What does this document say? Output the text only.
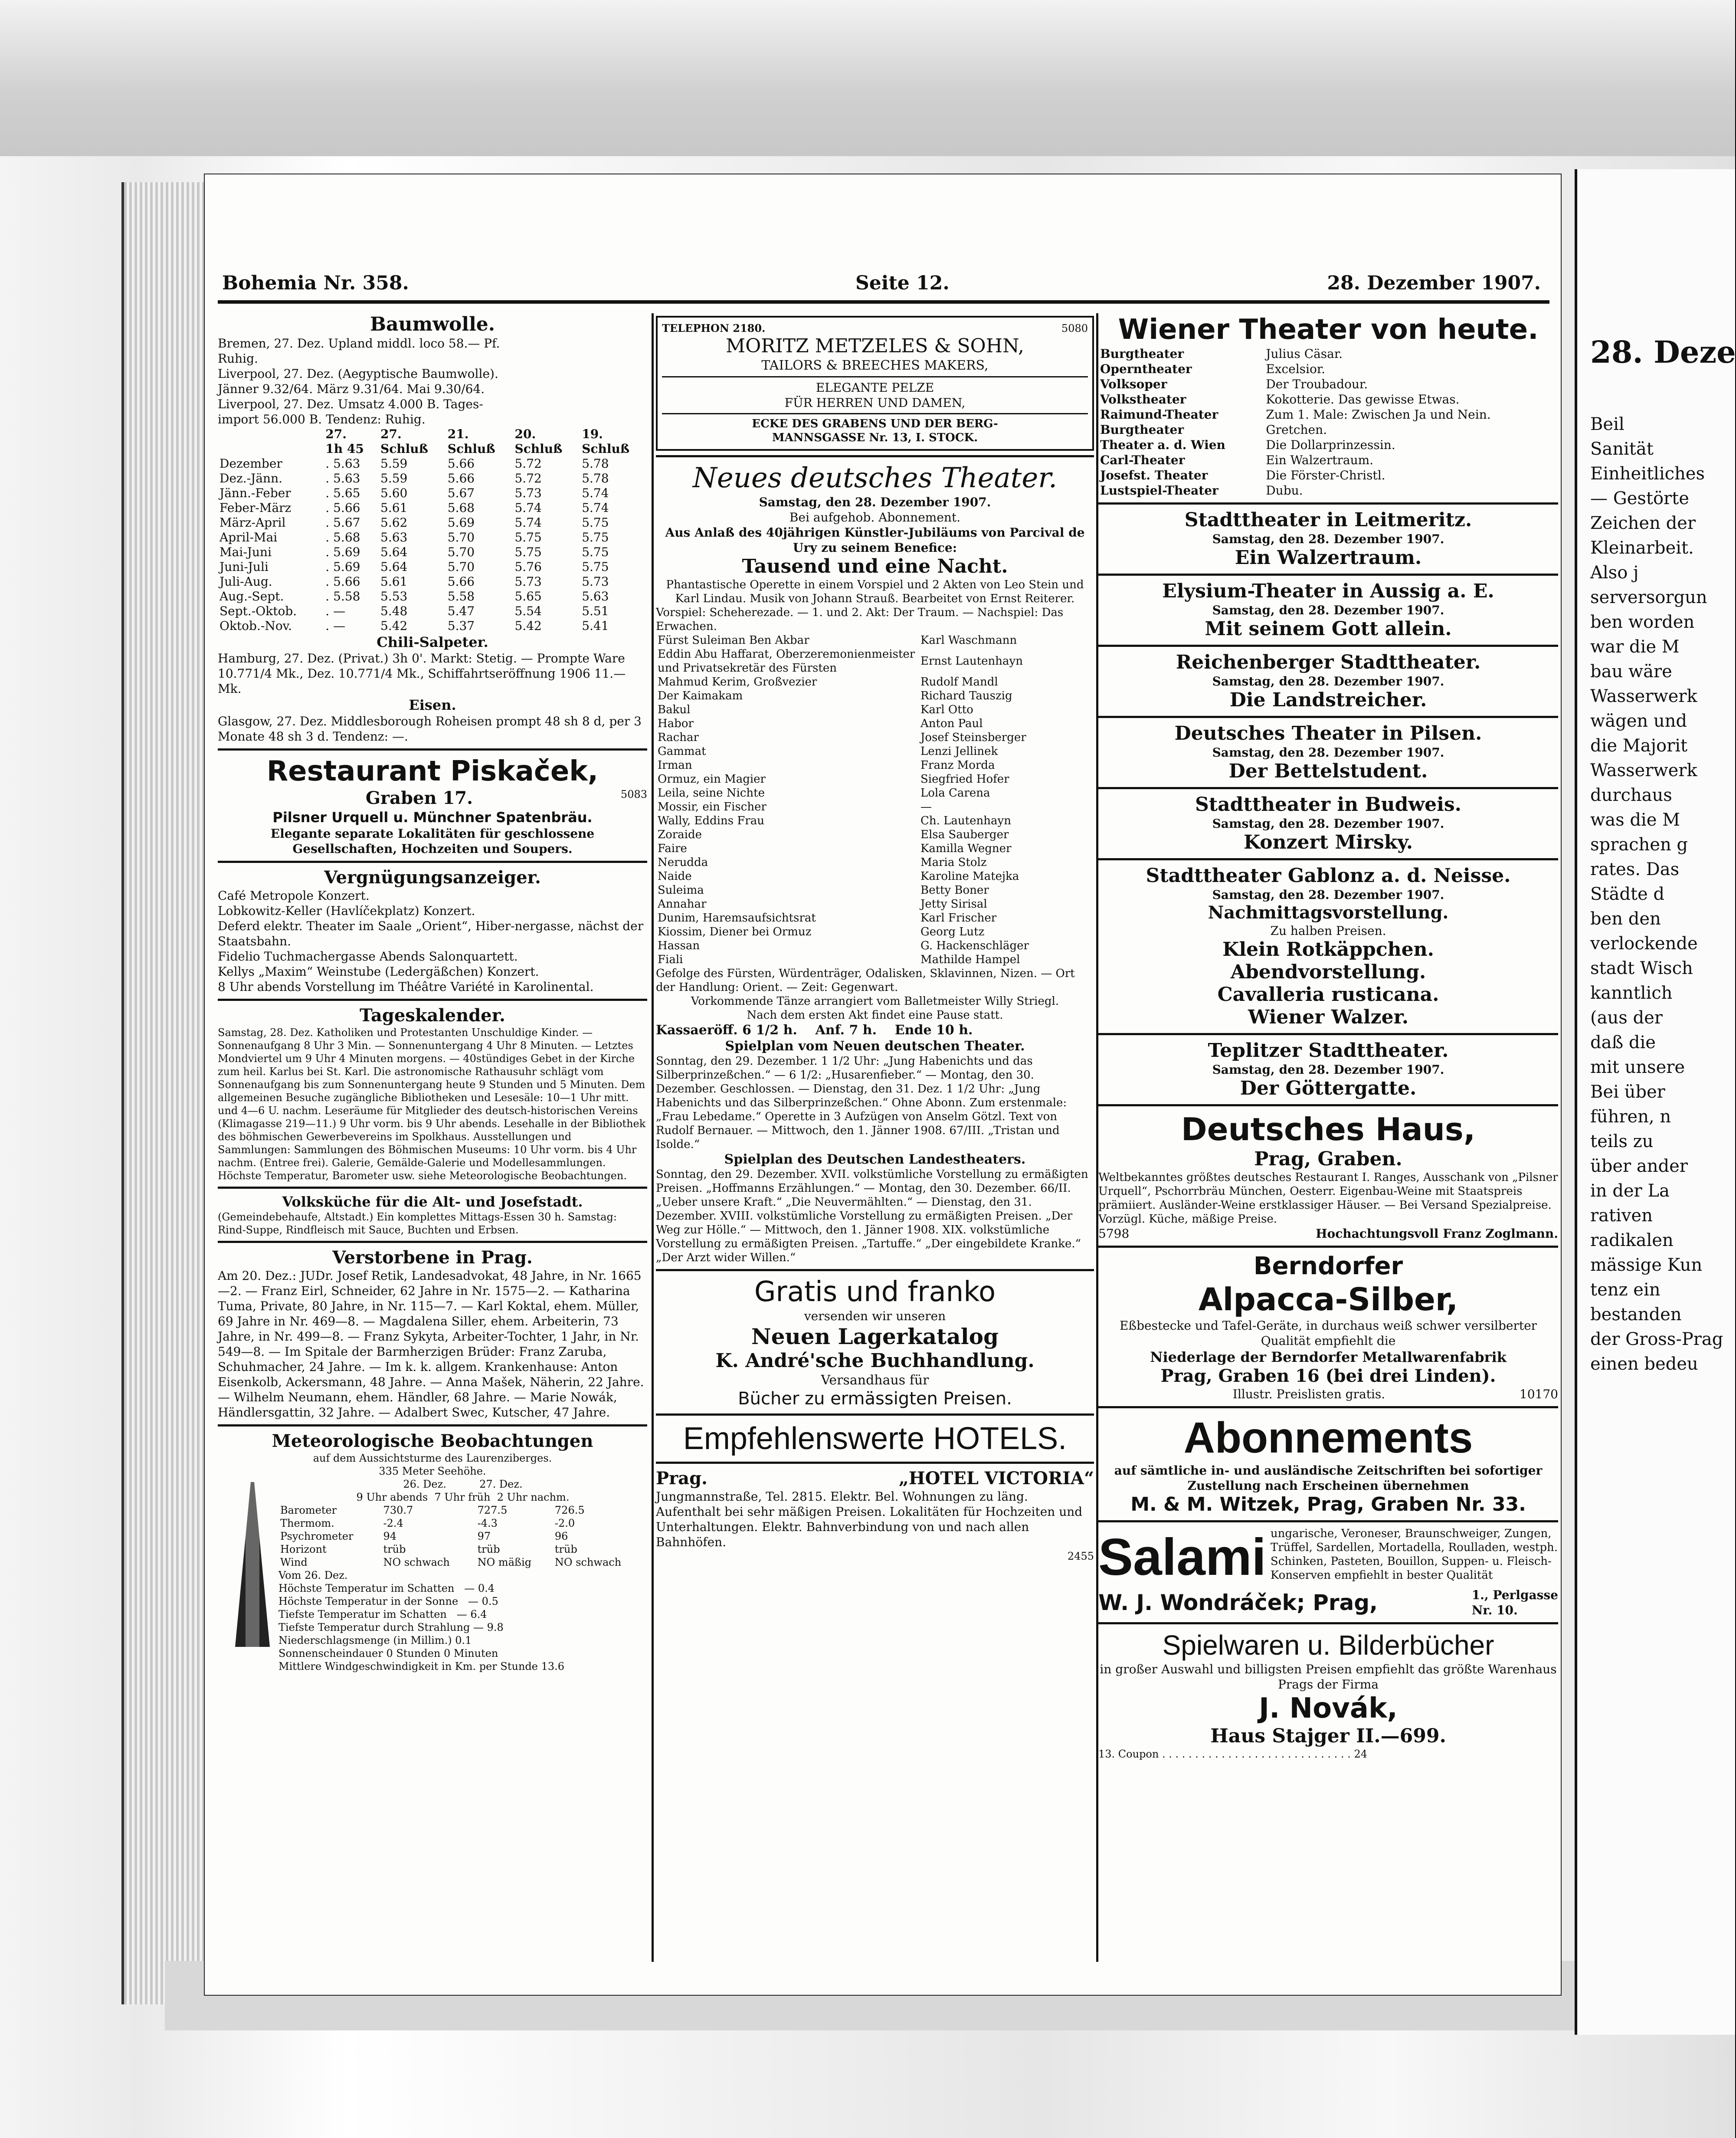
28. Deze
Beil
Sanität
Einheitliches
— Gestörte
Zeichen der
Kleinarbeit.
Also j
serversorgun
ben worden
war die M
bau wäre
Wasserwerk
wägen und
die Majorit
Wasserwerk
durchaus
was die M
sprachen g
rates. Das
Städte d
ben den
verlockende
stadt Wisch
kanntlich
(aus der
daß die
mit unsere
Bei über
führen, n
teils zu
über ander
in der La
rativen
radikalen
mässige Kun
tenz ein
bestanden
der Gross-Prag
einen bedeu
Bohemia Nr. 358.	Seite 12.	28. Dezember 1907.

Baumwolle.

Bremen, 27. Dez. Upland middl. loco 58.— Pf.

Ruhig.

Liverpool, 27. Dez. (Aegyptische Baumwolle).

Jänner 9.32/64. März 9.31/64. Mai 9.30/64.

Liverpool, 27. Dez. Umsatz 4.000 B. Tages-

import 56.000 B. Tendenz: Ruhig.

	27.	27.	21.	20.	19.
	1h 45	Schluß	Schluß	Schluß	Schluß
Dezember	. 5.63	5.59	5.66	5.72	5.78
Dez.-Jänn.	. 5.63	5.59	5.66	5.72	5.78
Jänn.-Feber	. 5.65	5.60	5.67	5.73	5.74
Feber-März	. 5.66	5.61	5.68	5.74	5.74
März-April	. 5.67	5.62	5.69	5.74	5.75
April-Mai	. 5.68	5.63	5.70	5.75	5.75
Mai-Juni	. 5.69	5.64	5.70	5.75	5.75
Juni-Juli	. 5.69	5.64	5.70	5.76	5.75
Juli-Aug.	. 5.66	5.61	5.66	5.73	5.73
Aug.-Sept.	. 5.58	5.53	5.58	5.65	5.63
Sept.-Oktob.	. —	5.48	5.47	5.54	5.51
Oktob.-Nov.	. —	5.42	5.37	5.42	5.41

Chili-Salpeter.

Hamburg, 27. Dez. (Privat.) 3h 0'. Markt: Stetig. — Prompte Ware 10.771/4 Mk., Dez. 10.771/4 Mk., Schiffahrtseröffnung 1906 11.— Mk.

Eisen.

Glasgow, 27. Dez. Middlesborough Roheisen prompt 48 sh 8 d, per 3 Monate 48 sh 3 d. Tendenz: —.

Restaurant Piskaček,

Graben 17.	5083

Pilsner Urquell u. Münchner Spatenbräu.

Elegante separate Lokalitäten für geschlossene Gesellschaften, Hochzeiten und Soupers.

Vergnügungsanzeiger.

Café Metropole Konzert.

Lobkowitz-Keller (Havlíčekplatz) Konzert.

Deferd elektr. Theater im Saale „Orient“, Hiber-nergasse, nächst der Staatsbahn.

Fidelio Tuchmachergasse Abends Salonquartett.

Kellys „Maxim“ Weinstube (Ledergäßchen) Konzert.

8 Uhr abends Vorstellung im Théâtre Variété in Karolinental.

Tageskalender.

Samstag, 28. Dez. Katholiken und Protestanten Unschuldige Kinder. — Sonnenaufgang 8 Uhr 3 Min. — Sonnenuntergang 4 Uhr 8 Minuten. — Letztes Mondviertel um 9 Uhr 4 Minuten morgens. — 40stündiges Gebet in der Kirche zum heil. Karlus bei St. Karl. Die astronomische Rathausuhr schlägt vom Sonnenaufgang bis zum Sonnenuntergang heute 9 Stunden und 5 Minuten. Dem allgemeinen Besuche zugängliche Bibliotheken und Lesesäle: 10—1 Uhr mitt. und 4—6 U. nachm. Leseräume für Mitglieder des deutsch-historischen Vereins (Klimagasse 219—11.) 9 Uhr vorm. bis 9 Uhr abends. Lesehalle in der Bibliothek des böhmischen Gewerbevereins im Spolkhaus. Ausstellungen und Sammlungen: Sammlungen des Böhmischen Museums: 10 Uhr vorm. bis 4 Uhr nachm. (Entree frei). Galerie, Gemälde-Galerie und Modellesammlungen. Höchste Temperatur, Barometer usw. siehe Meteorologische Beobachtungen.

Volksküche für die Alt- und Josefstadt.

(Gemeindebehaufe, Altstadt.) Ein komplettes Mittags-Essen 30 h. Samstag: Rind-Suppe, Rindfleisch mit Sauce, Buchten und Erbsen.

Verstorbene in Prag.

Am 20. Dez.: JUDr. Josef Retik, Landesadvokat, 48 Jahre, in Nr. 1665—2. — Franz Eirl, Schneider, 62 Jahre in Nr. 1575—2. — Katharina Tuma, Private, 80 Jahre, in Nr. 115—7. — Karl Koktal, ehem. Müller, 69 Jahre in Nr. 469—8. — Magdalena Siller, ehem. Arbeiterin, 73 Jahre, in Nr. 499—8. — Franz Sykyta, Arbeiter-Tochter, 1 Jahr, in Nr. 549—8. — Im Spitale der Barmherzigen Brüder: Franz Zaruba, Schuhmacher, 24 Jahre. — Im k. k. allgem. Krankenhause: Anton Eisenkolb, Ackersmann, 48 Jahre. — Anna Mašek, Näherin, 22 Jahre. — Wilhelm Neumann, ehem. Händler, 68 Jahre. — Marie Nowák, Händlersgattin, 32 Jahre. — Adalbert Swec, Kutscher, 47 Jahre.

Meteorologische Beobachtungen

auf dem Aussichtsturme des Laurenziberges.

335 Meter Seehöhe.

26. Dez.          27. Dez.

9 Uhr abends  7 Uhr früh  2 Uhr nachm.

Barometer	730.7	727.5	726.5
Thermom.	-2.4	-4.3	-2.0
Psychrometer	94	97	96
Horizont	trüb	trüb	trüb
Wind	NO schwach	NO mäßig	NO schwach

Vom 26. Dez.

Höchste Temperatur im Schatten   — 0.4

Höchste Temperatur in der Sonne   — 0.5

Tiefste Temperatur im Schatten   — 6.4

Tiefste Temperatur durch Strahlung — 9.8

Niederschlagsmenge (in Millim.) 0.1

Sonnenscheindauer 0 Stunden 0 Minuten

Mittlere Windgeschwindigkeit in Km. per Stunde 13.6

TELEPHON 2180.	5080

MORITZ METZELES & SOHN,

TAILORS & BREECHES MAKERS,

ELEGANTE PELZE

FÜR HERREN UND DAMEN,

ECKE DES GRABENS UND DER BERG-

MANNSGASSE Nr. 13, I. STOCK.

Neues deutsches Theater.

Samstag, den 28. Dezember 1907.

Bei aufgehob. Abonnement.

Aus Anlaß des 40jährigen Künstler-Jubiläums von Parcival de Ury zu seinem Benefice:

Tausend und eine Nacht.

Phantastische Operette in einem Vorspiel und 2 Akten von Leo Stein und Karl Lindau. Musik von Johann Strauß. Bearbeitet von Ernst Reiterer.

Vorspiel: Scheherezade. — 1. und 2. Akt: Der Traum. — Nachspiel: Das Erwachen.

Fürst Suleiman Ben Akbar	Karl Waschmann
Eddin Abu Haffarat, Oberzeremonienmeister und Privatsekretär des Fürsten	Ernst Lautenhayn
Mahmud Kerim, Großvezier	Rudolf Mandl
Der Kaimakam	Richard Tauszig
Bakul	Karl Otto
Habor	Anton Paul
Rachar	Josef Steinsberger
Gammat	Lenzi Jellinek
Irman	Franz Morda
Ormuz, ein Magier	Siegfried Hofer
Leila, seine Nichte	Lola Carena
Mossir, ein Fischer	—
Wally, Eddins Frau	Ch. Lautenhayn
Zoraide	Elsa Sauberger
Faire	Kamilla Wegner
Nerudda	Maria Stolz
Naide	Karoline Matejka
Suleima	Betty Boner
Annahar	Jetty Sirisal
Dunim, Haremsaufsichtsrat	Karl Frischer
Kiossim, Diener bei Ormuz	Georg Lutz
Hassan	G. Hackenschläger
Fiali	Mathilde Hampel

Gefolge des Fürsten, Würdenträger, Odalisken, Sklavinnen, Nizen. — Ort der Handlung: Orient. — Zeit: Gegenwart.

Vorkommende Tänze arrangiert vom Balletmeister Willy Striegl.

Nach dem ersten Akt findet eine Pause statt.

Kassaeröff. 6 1/2 h.    Anf. 7 h.    Ende 10 h.

Spielplan vom Neuen deutschen Theater.

Sonntag, den 29. Dezember. 1 1/2 Uhr: „Jung Habenichts und das Silberprinzeßchen.“ — 6 1/2: „Husarenfieber.“ — Montag, den 30. Dezember. Geschlossen. — Dienstag, den 31. Dez. 1 1/2 Uhr: „Jung Habenichts und das Silberprinzeßchen.“ Ohne Abonn. Zum erstenmale: „Frau Lebedame.“ Operette in 3 Aufzügen von Anselm Götzl. Text von Rudolf Bernauer. — Mittwoch, den 1. Jänner 1908. 67/III. „Tristan und Isolde.“

Spielplan des Deutschen Landestheaters.

Sonntag, den 29. Dezember. XVII. volkstümliche Vorstellung zu ermäßigten Preisen. „Hoffmanns Erzählungen.“ — Montag, den 30. Dezember. 66/II. „Ueber unsere Kraft.“ „Die Neuvermählten.“ — Dienstag, den 31. Dezember. XVIII. volkstümliche Vorstellung zu ermäßigten Preisen. „Der Weg zur Hölle.“ — Mittwoch, den 1. Jänner 1908. XIX. volkstümliche Vorstellung zu ermäßigten Preisen. „Tartuffe.“ „Der eingebildete Kranke.“ „Der Arzt wider Willen.“

Gratis und franko

versenden wir unseren

Neuen Lagerkatalog

K. André'sche Buchhandlung.

Versandhaus für

Bücher zu ermässigten Preisen.

Empfehlenswerte HOTELS.

Prag.	„HOTEL VICTORIA“

Jungmannstraße, Tel. 2815. Elektr. Bel. Wohnungen zu läng. Aufenthalt bei sehr mäßigen Preisen. Lokalitäten für Hochzeiten und Unterhaltungen. Elektr. Bahnverbindung von und nach allen Bahnhöfen.

2455

Wiener Theater von heute.

Burgtheater	Julius Cäsar.
Operntheater	Excelsior.
Volksoper	Der Troubadour.
Volkstheater	Kokotterie. Das gewisse Etwas.
Raimund-Theater	Zum 1. Male: Zwischen Ja und Nein.
Burgtheater	Gretchen.
Theater a. d. Wien	Die Dollarprinzessin.
Carl-Theater	Ein Walzertraum.
Josefst. Theater	Die Förster-Christl.
Lustspiel-Theater	Dubu.

Stadttheater in Leitmeritz.

Samstag, den 28. Dezember 1907.

Ein Walzertraum.

Elysium-Theater in Aussig a. E.

Samstag, den 28. Dezember 1907.

Mit seinem Gott allein.

Reichenberger Stadttheater.

Samstag, den 28. Dezember 1907.

Die Landstreicher.

Deutsches Theater in Pilsen.

Samstag, den 28. Dezember 1907.

Der Bettelstudent.

Stadttheater in Budweis.

Samstag, den 28. Dezember 1907.

Konzert Mirsky.

Stadttheater Gablonz a. d. Neisse.

Samstag, den 28. Dezember 1907.

Nachmittagsvorstellung.

Zu halben Preisen.

Klein Rotkäppchen.

Abendvorstellung.

Cavalleria rusticana.

Wiener Walzer.

Teplitzer Stadttheater.

Samstag, den 28. Dezember 1907.

Der Göttergatte.

Deutsches Haus,

Prag, Graben.

Weltbekanntes größtes deutsches Restaurant I. Ranges, Ausschank von „Pilsner Urquell“, Pschorrbräu München, Oesterr. Eigenbau-Weine mit Staatspreis prämiiert. Ausländer-Weine erstklassiger Häuser. — Bei Versand Spezialpreise. Vorzügl. Küche, mäßige Preise.

5798	Hochachtungsvoll Franz Zoglmann.

Berndorfer

Alpacca-Silber,

Eßbestecke und Tafel-Geräte, in durchaus weiß schwer versilberter Qualität empfiehlt die

Niederlage der Berndorfer Metallwarenfabrik

Prag, Graben 16 (bei drei Linden).

Illustr. Preislisten gratis.	10170

Abonnements

auf sämtliche in- und ausländische Zeitschriften bei sofortiger Zustellung nach Erscheinen übernehmen

M. & M. Witzek, Prag, Graben Nr. 33.

Salami ungarische, Veroneser, Braunschweiger, Zungen, Trüffel, Sardellen, Mortadella, Roulladen, westph. Schinken, Pasteten, Bouillon, Suppen- u. Fleisch-Konserven empfiehlt in bester Qualität
W. J. Wondráček; Prag,	1., Perlgasse
Nr. 10.

Spielwaren u. Bilderbücher

in großer Auswahl und billigsten Preisen empfiehlt das größte Warenhaus Prags der Firma

J. Novák,

Haus Stajger II.—699.

13. Coupon . . . . . . . . . . . . . . . . . . . . . . . . . . . . . 24
